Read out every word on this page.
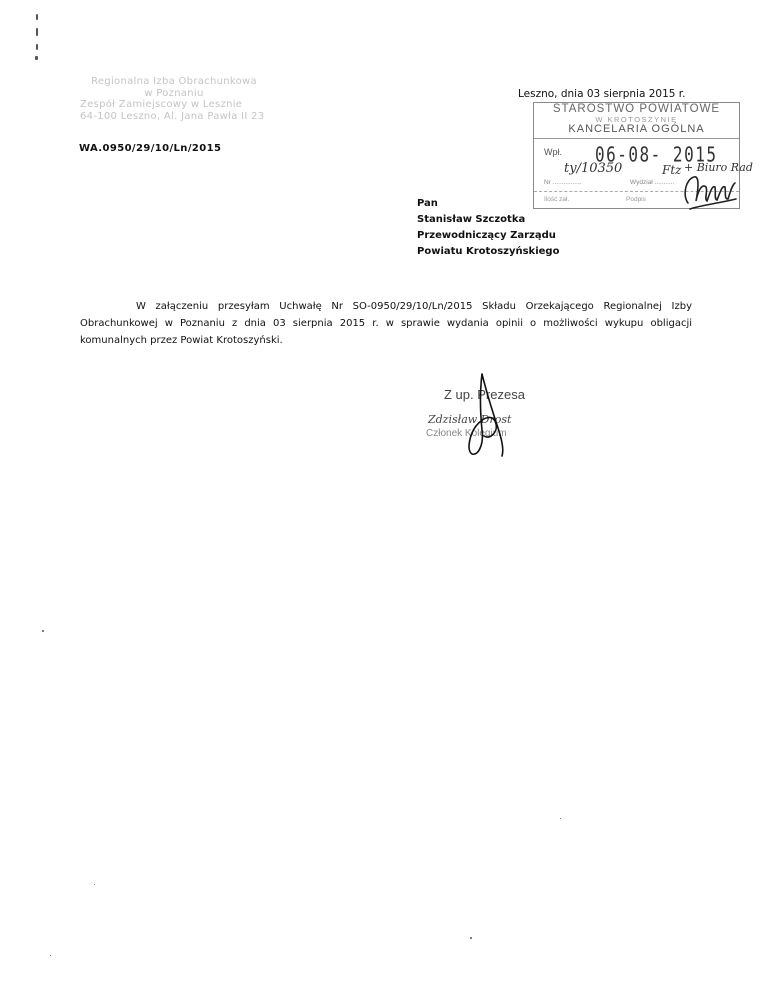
Regionalna Izba Obrachunkowa
w Poznaniu
Zespół Zamiejscowy w Lesznie
64-100 Leszno, Al. Jana Pawła II 23
Leszno, dnia 03 sierpnia 2015 r.
WA.0950/29/10/Ln/2015
STAROSTWO POWIATOWE
W KROTOSZYNIE
KANCELARIA OGÓLNA
Wpł. 06-08- 2015
ty/10350	Ftz + Biuro Rad
Nr ................	Wydział ...........
Ilość zał.	Podpis
Pan
Stanisław Szczotka
Przewodniczący Zarządu
Powiatu Krotoszyńskiego
W załączeniu przesyłam Uchwałę Nr SO-0950/29/10/Ln/2015 Składu Orzekającego Regionalnej Izby Obrachunkowej w Poznaniu z dnia 03 sierpnia 2015 r. w sprawie wydania opinii o możliwości wykupu obligacji komunalnych przez Powiat Krotoszyński.
Z up. Prezesa
Zdzisław Drost
Członek Kolegium
